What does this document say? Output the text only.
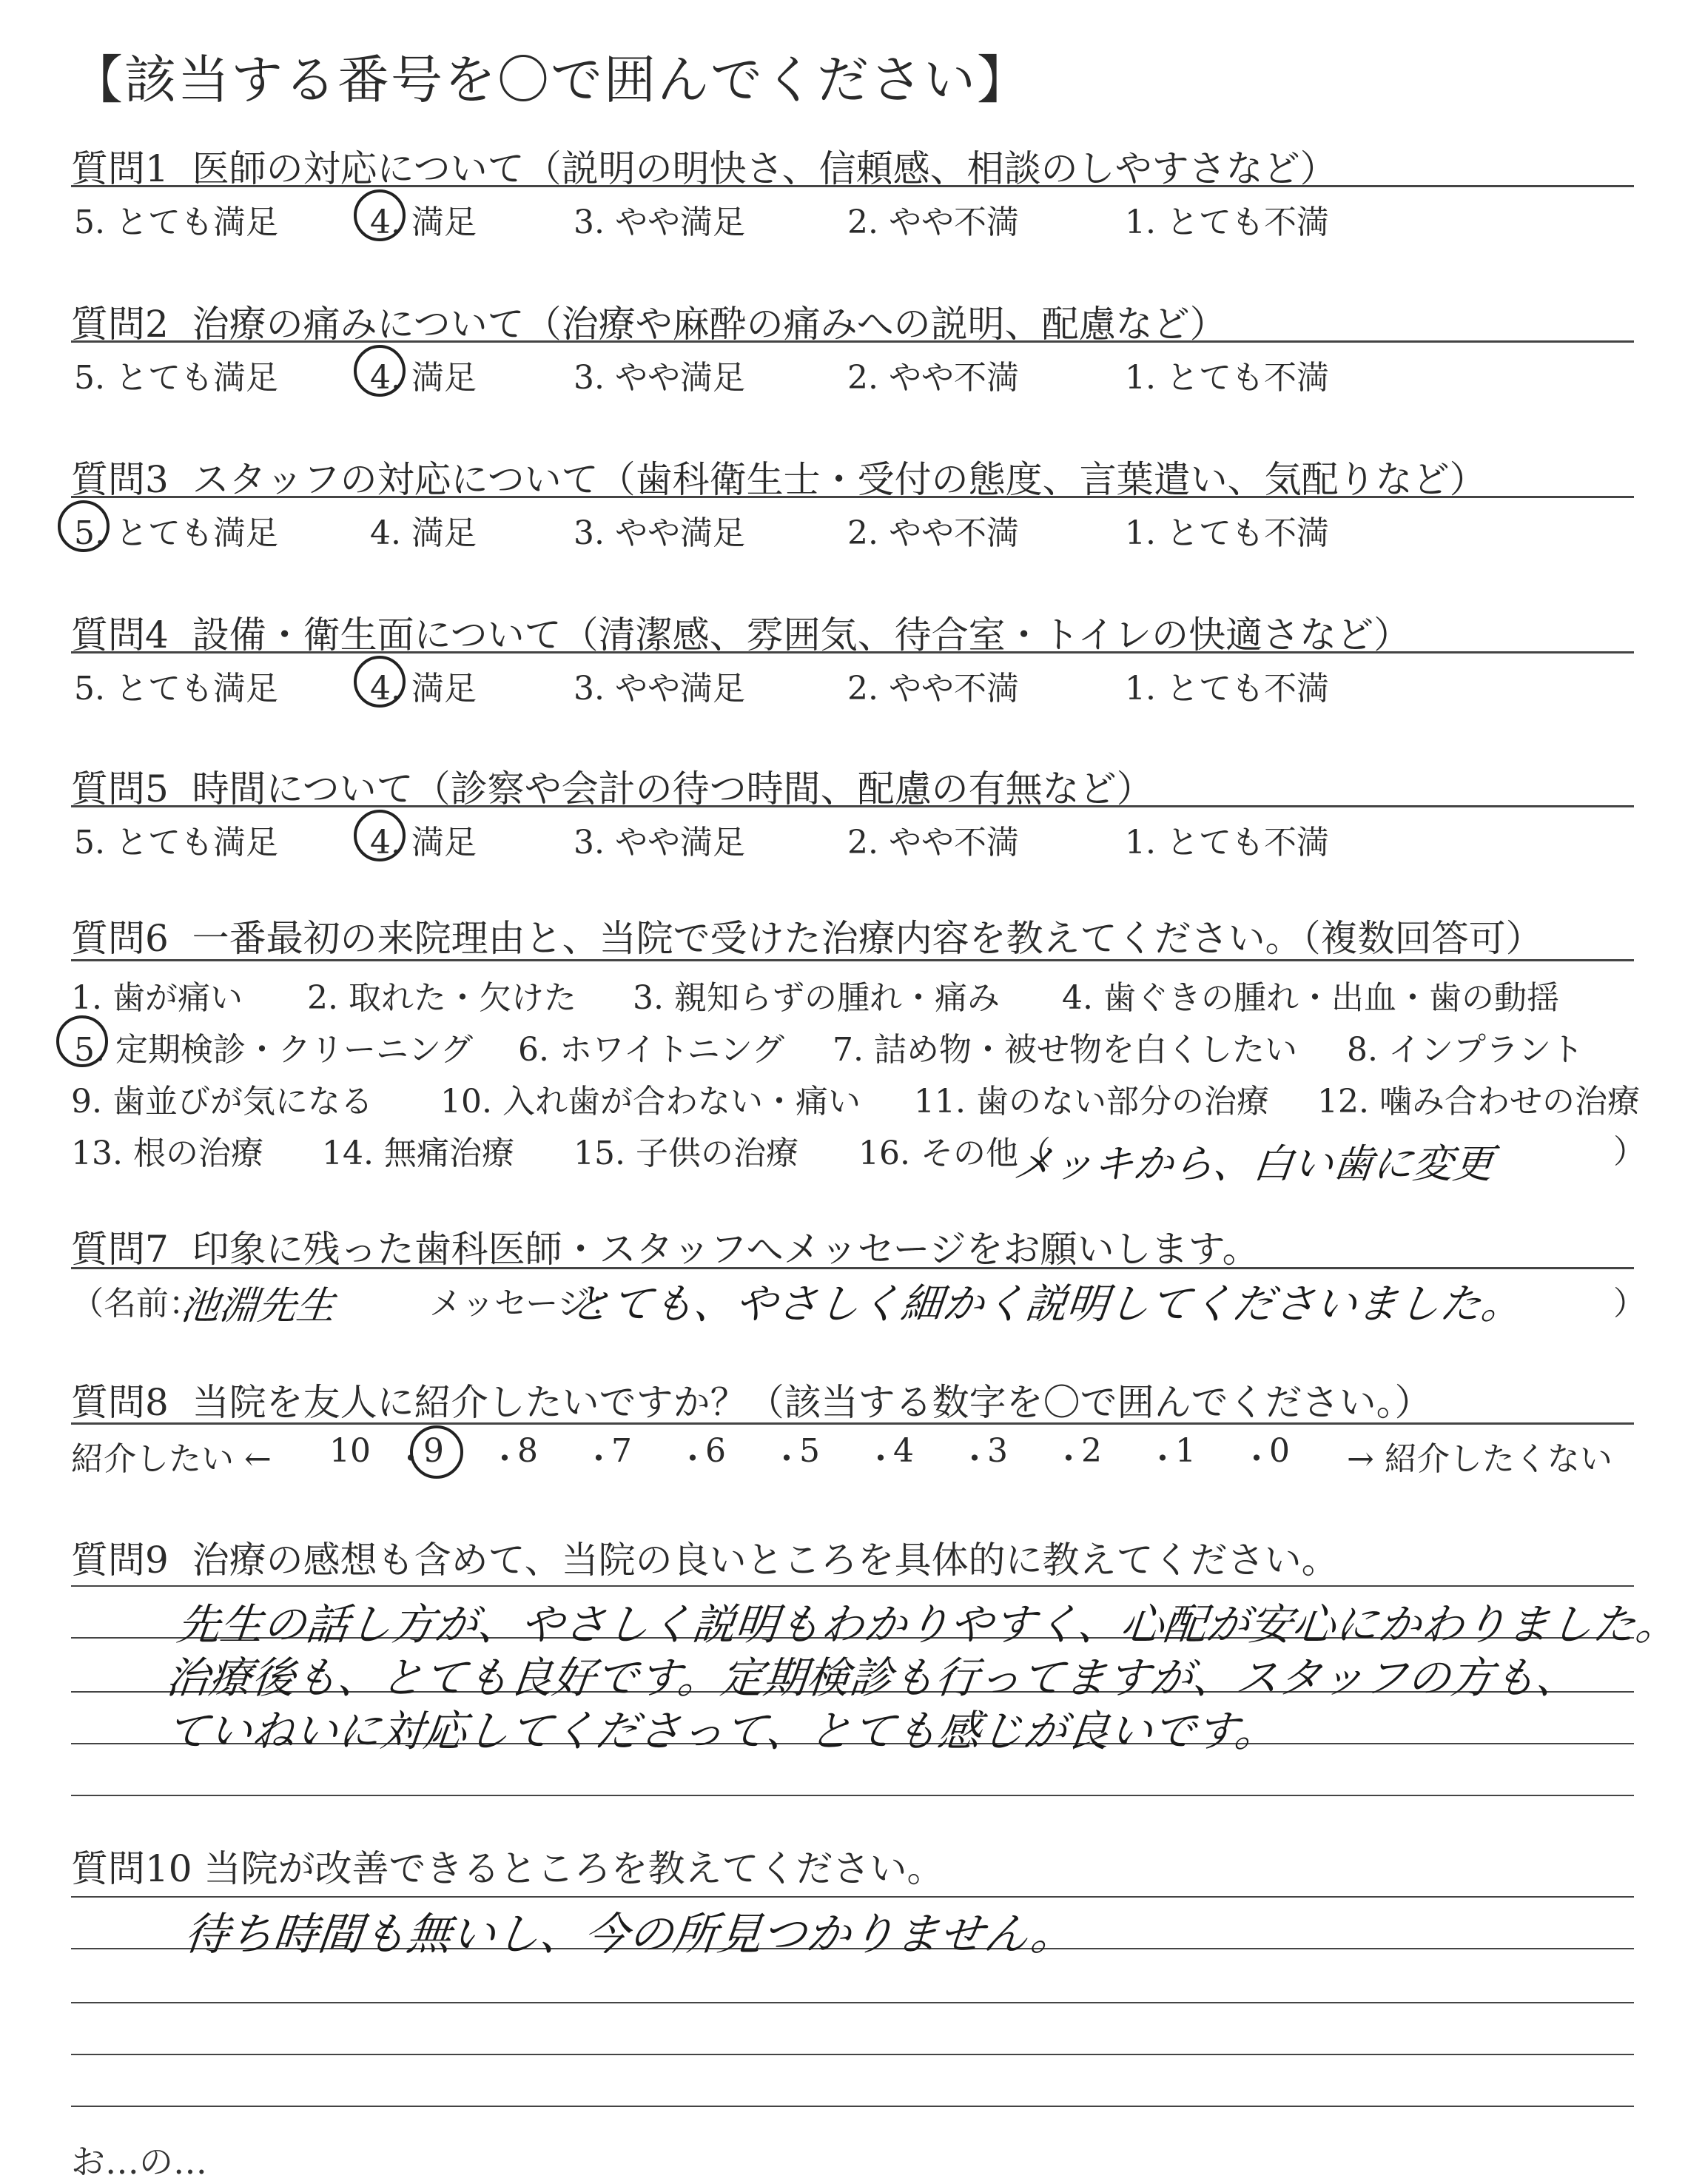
【該当する番号を〇で囲んでください】
質問6 一番最初の来院理由と、当院で受けた治療内容を教えてください。（複数回答可）
メッキから、白い歯に変更	）
質問7 印象に残った歯科医師・スタッフへメッセージをお願いします。
（名前：
池淵先生	メッセージ：
とても、やさしく細かく説明してくださいました。	）
質問8 当院を友人に紹介したいですか？（該当する数字を〇で囲んでください。）
紹介したい ←	→ 紹介したくない
質問9 治療の感想も含めて、当院の良いところを具体的に教えてください。
質問10 当院が改善できるところを教えてください。
お…の…
質問1 医師の対応について（説明の明快さ、信頼感、相談のしやすさなど）
5. とても満足	4. 満足	3. やや満足	2. やや不満	1. とても不満
質問2 治療の痛みについて（治療や麻酔の痛みへの説明、配慮など）
5. とても満足	4. 満足	3. やや満足	2. やや不満	1. とても不満
質問3 スタッフの対応について（歯科衛生士・受付の態度、言葉遣い、気配りなど）
5. とても満足	4. 満足	3. やや満足	2. やや不満	1. とても不満
質問4 設備・衛生面について（清潔感、雰囲気、待合室・トイレの快適さなど）
5. とても満足	4. 満足	3. やや満足	2. やや不満	1. とても不満
質問5 時間について（診察や会計の待つ時間、配慮の有無など）
5. とても満足	4. 満足	3. やや満足	2. やや不満	1. とても不満
1. 歯が痛い 2. 取れた・欠けた 3. 親知らずの腫れ・痛み 4. 歯ぐきの腫れ・出血・歯の動揺
5. 定期検診・クリーニング 6. ホワイトニング 7. 詰め物・被せ物を白くしたい 8. インプラント
9. 歯並びが気になる 10. 入れ歯が合わない・痛い 11. 歯のない部分の治療 12. 噛み合わせの治療
13. 根の治療 14. 無痛治療 15. 子供の治療 16. その他（
10 ・
9 ・
8 ・
7 ・
6 ・
5 ・
4 ・
3 ・
2 ・
1 ・
0
先生の話し方が、やさしく説明もわかりやすく、心配が安心にかわりました。
治療後も、とても良好です。定期検診も行ってますが、スタッフの方も、
ていねいに対応してくださって、とても感じが良いです。
待ち時間も無いし、今の所見つかりません。
